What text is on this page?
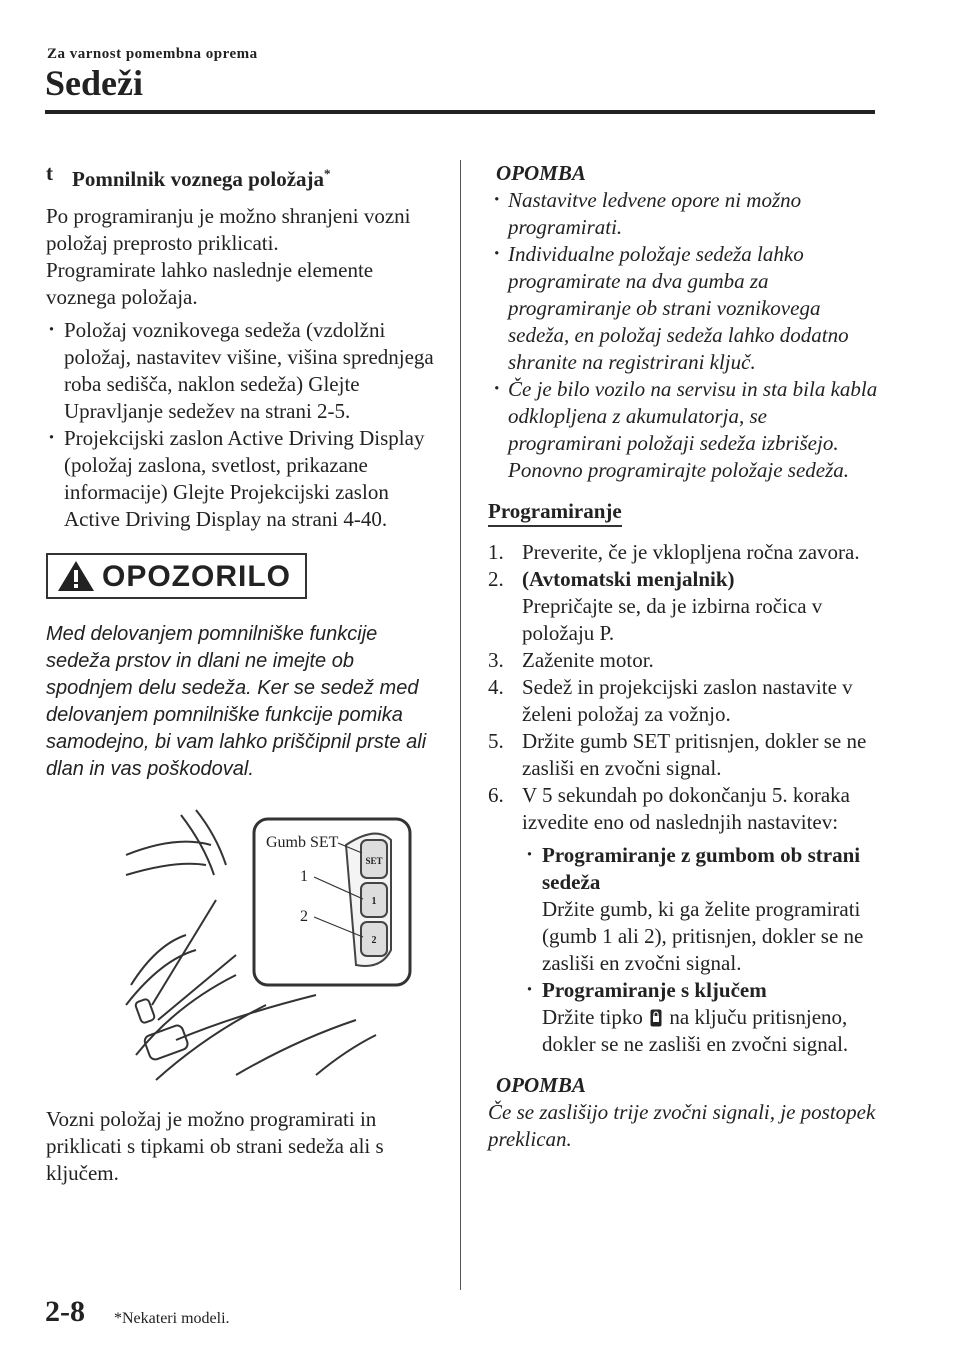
Za varnost pomembna oprema
Sedeži

t Pomnilnik voznega položaja*

Po programiranju je možno shranjeni vozni položaj preprosto priklicati.

Programirate lahko naslednje elemente voznega položaja.

· Položaj voznikovega sedeža (vzdolžni položaj, nastavitev višine, višina sprednjega roba sedišča, naklon sedeža) Glejte Upravljanje sedežev na strani 2-5.
· Projekcijski zaslon Active Driving Display (položaj zaslona, svetlost, prikazane informacije) Glejte Projekcijski zaslon Active Driving Display na strani 4-40.
OPOZORILO

Med delovanjem pomnilniške funkcije sedeža prstov in dlani ne imejte ob spodnjem delu sedeža. Ker se sedež med delovanjem pomnilniške funkcije pomika samodejno, bi vam lahko priščipnil prste ali dlan in vas poškodoval.

SET
1
2
Gumb SET
1
2

Vozni položaj je možno programirati in priklicati s tipkami ob strani sedeža ali s ključem.

OPOMBA

· Nastavitve ledvene opore ni možno programirati.
· Individualne položaje sedeža lahko programirate na dva gumba za programiranje ob strani voznikovega sedeža, en položaj sedeža lahko dodatno shranite na registrirani ključ.
· Če je bilo vozilo na servisu in sta bila kabla odklopljena z akumulatorja, se programirani položaji sedeža izbrišejo. Ponovno programirajte položaje sedeža.
Programiranje
1. Preverite, če je vklopljena ročna zavora.
2. (Avtomatski menjalnik)
Prepričajte se, da je izbirna ročica v položaju P.
3. Zaženite motor.
4. Sedež in projekcijski zaslon nastavite v želeni položaj za vožnjo.
5. Držite gumb SET pritisnjen, dokler se ne zasliši en zvočni signal.
6. V 5 sekundah po dokončanju 5. koraka izvedite eno od naslednjih nastavitev:
· Programiranje z gumbom ob strani sedeža
Držite gumb, ki ga želite programirati (gumb 1 ali 2), pritisnjen, dokler se ne zasliši en zvočni signal.
· Programiranje s ključem
Držite tipko na ključu pritisnjeno, dokler se ne zasliši en zvočni signal.

OPOMBA

Če se zaslišijo trije zvočni signali, je postopek preklican.

2-8 *Nekateri modeli.
